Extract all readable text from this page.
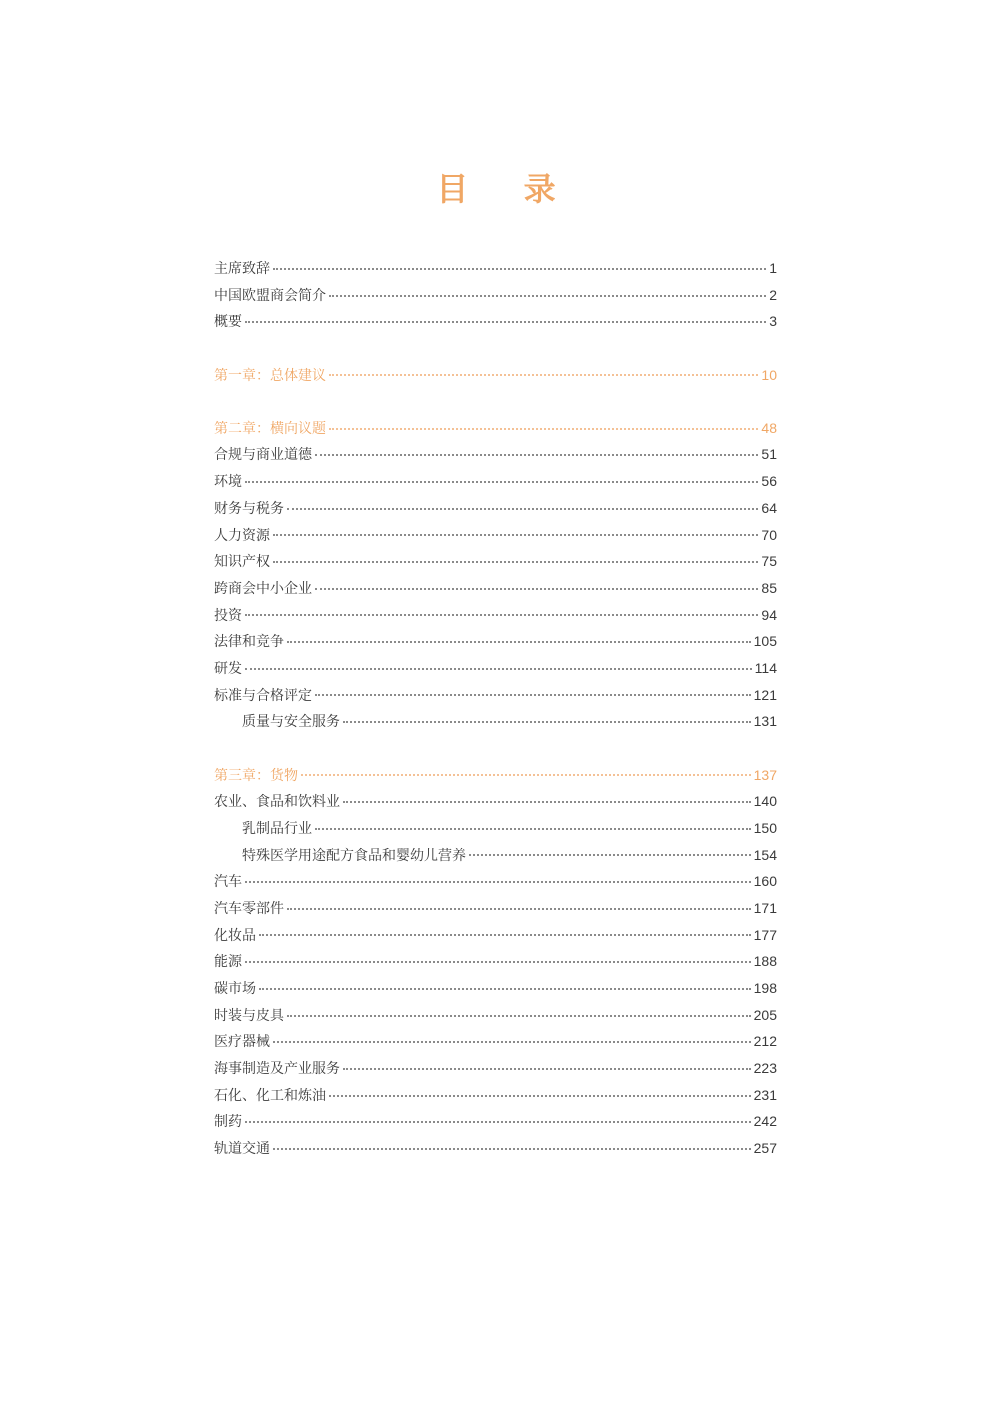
目 录
主席致辞	1
中国欧盟商会简介	2
概要	3
第一章：总体建议	10
第二章：横向议题	48
合规与商业道德	51
环境	56
财务与税务	64
人力资源	70
知识产权	75
跨商会中小企业	85
投资	94
法律和竞争	105
研发	114
标准与合格评定	121
质量与安全服务	131
第三章：货物	137
农业、食品和饮料业	140
乳制品行业	150
特殊医学用途配方食品和婴幼儿营养	154
汽车	160
汽车零部件	171
化妆品	177
能源	188
碳市场	198
时装与皮具	205
医疗器械	212
海事制造及产业服务	223
石化、化工和炼油	231
制药	242
轨道交通	257
